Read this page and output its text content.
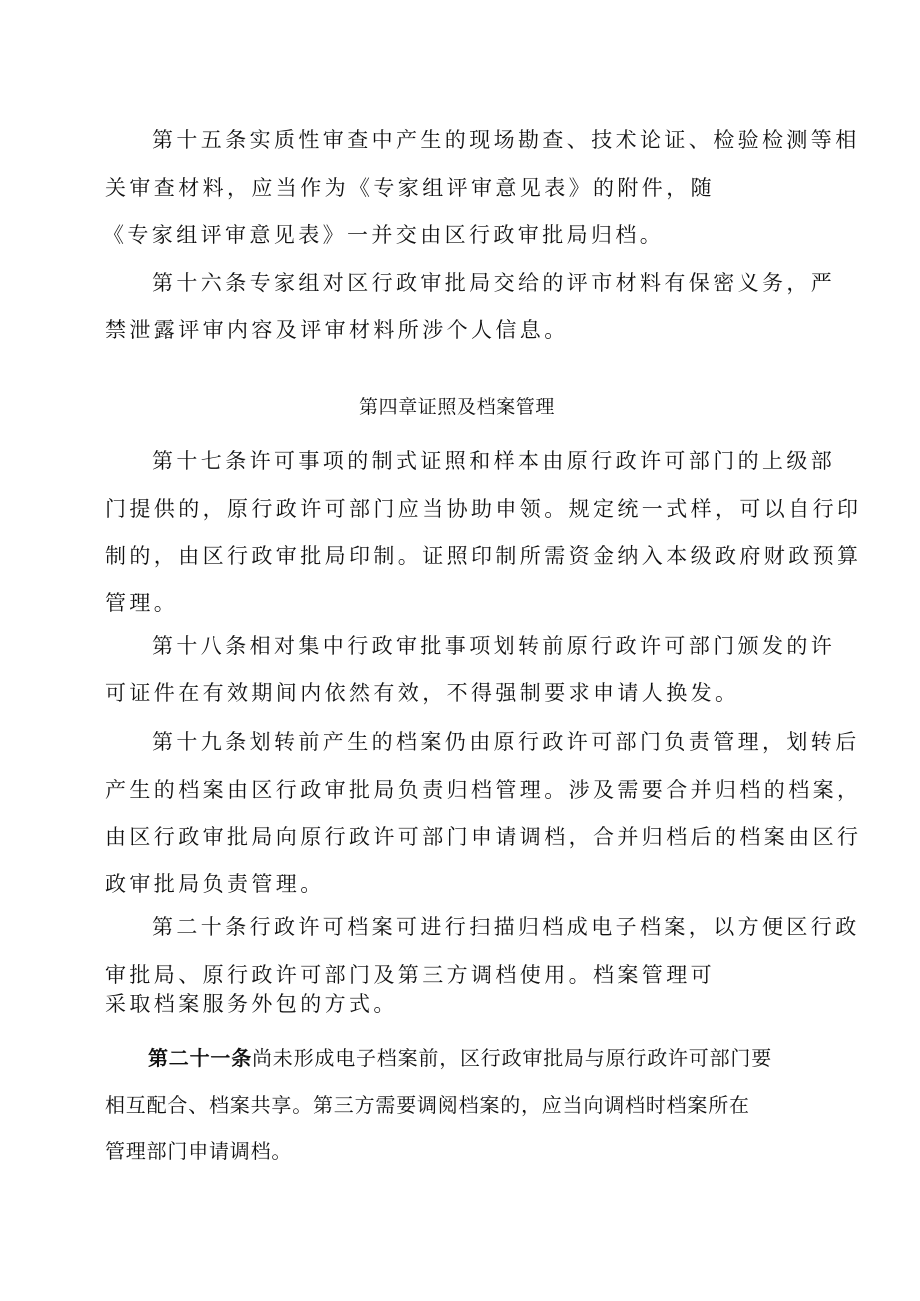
第十五条实质性审查中产生的现场勘查、技术论证、检验检测等相
关审查材料，应当作为《专家组评审意见表》的附件，随
《专家组评审意见表》一并交由区行政审批局归档。
第十六条专家组对区行政审批局交给的评市材料有保密义务，严
禁泄露评审内容及评审材料所涉个人信息。
第四章证照及档案管理
第十七条许可事项的制式证照和样本由原行政许可部门的上级部
门提供的，原行政许可部门应当协助申领。规定统一式样，可以自行印
制的，由区行政审批局印制。证照印制所需资金纳入本级政府财政预算
管理。
第十八条相对集中行政审批事项划转前原行政许可部门颁发的许
可证件在有效期间内依然有效，不得强制要求申请人换发。
第十九条划转前产生的档案仍由原行政许可部门负责管理，划转后
产生的档案由区行政审批局负责归档管理。涉及需要合并归档的档案，
由区行政审批局向原行政许可部门申请调档，合并归档后的档案由区行
政审批局负责管理。
第二十条行政许可档案可进行扫描归档成电子档案，以方便区行政
审批局、原行政许可部门及第三方调档使用。档案管理可
采取档案服务外包的方式。
第二十一条尚未形成电子档案前，区行政审批局与原行政许可部门要
相互配合、档案共享。第三方需要调阅档案的，应当向调档时档案所在
管理部门申请调档。
